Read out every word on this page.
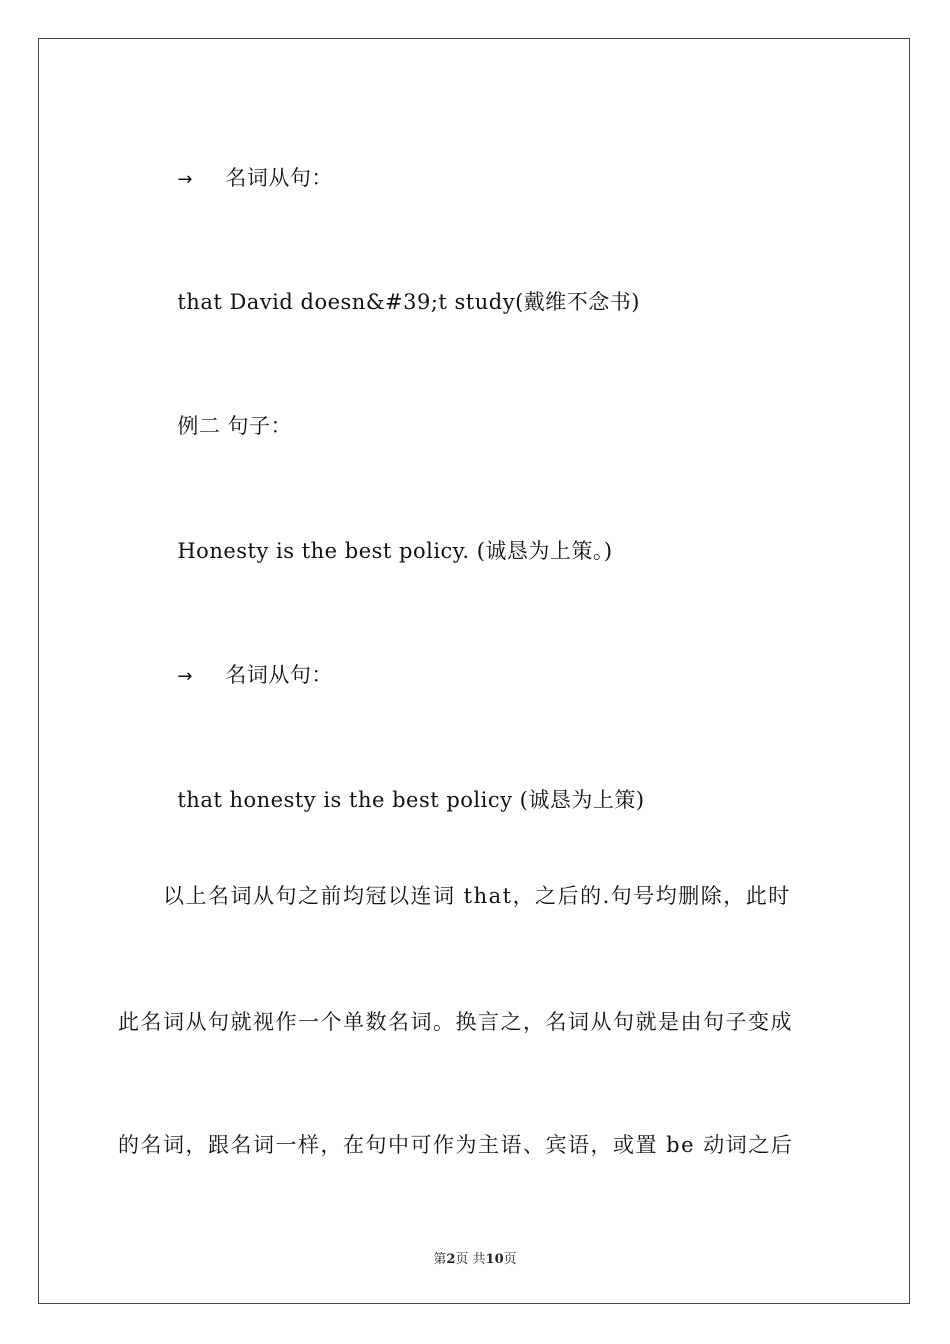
→ 名词从句：

that David doesn&#39;t study(戴维不念书)

例二 句子：

Honesty is the best policy. (诚恳为上策。)

→ 名词从句：

that honesty is the best policy (诚恳为上策)

以上名词从句之前均冠以连词 that，之后的.句号均删除，此时
此名词从句就视作一个单数名词。换言之，名词从句就是由句子变成
的名词，跟名词一样，在句中可作为主语、宾语，或置 be 动词之后
第2页 共10页
